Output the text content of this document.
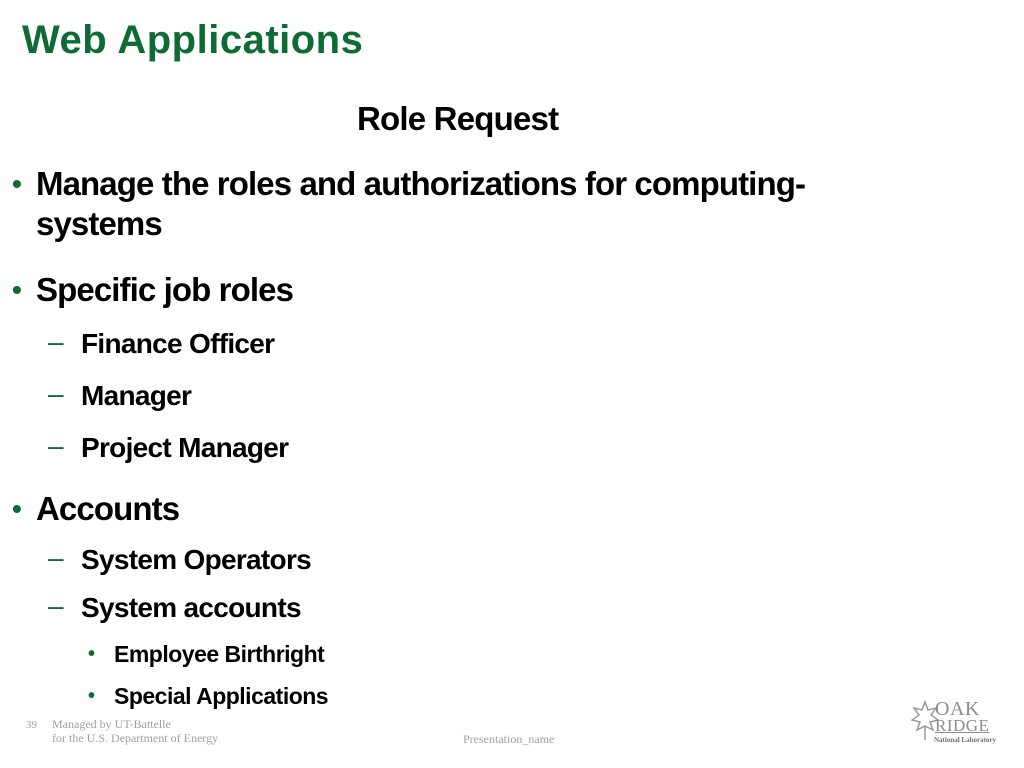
Web Applications
Role Request
• Manage the roles and authorizations for computing-
systems
• Specific job roles
– Finance Officer
– Manager
– Project Manager
• Accounts
– System Operators
– System accounts
• Employee Birthright
• Special Applications
39 Managed by UT-Battelle
for the U.S. Department of Energy	Presentation_name
OAK
RIDGE
National Laboratory
